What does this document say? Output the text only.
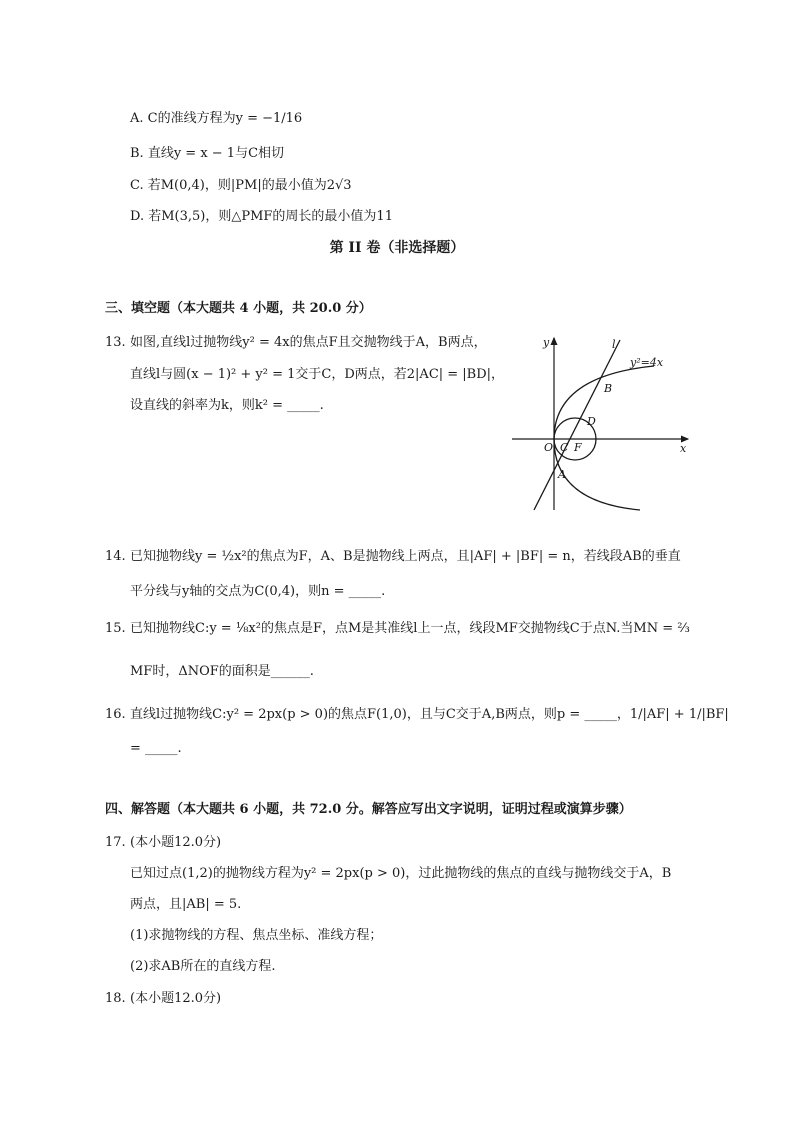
A. C的准线方程为y = −1/16
B. 直线y = x − 1与C相切
C. 若M(0,4)，则|PM|的最小值为2√3
D. 若M(3,5)，则△PMF的周长的最小值为11
第 II 卷（非选择题）
三、填空题（本大题共 4 小题，共 20.0 分）
13. 如图,直线l过抛物线y² = 4x的焦点F且交抛物线于A，B两点，
直线l与圆(x − 1)² + y² = 1交于C，D两点，若2|AC| = |BD|，
设直线的斜率为k，则k² = _____.
y
x
l
y²=4x
O C F
D
B
A
14. 已知抛物线y = ½x²的焦点为F，A、B是抛物线上两点，且|AF| + |BF| = n，若线段AB的垂直
平分线与y轴的交点为C(0,4)，则n = _____.
15. 已知抛物线C:y = ⅛x²的焦点是F，点M是其准线l上一点，线段MF交抛物线C于点N.当MN = ⅔
MF时，ΔNOF的面积是______.
16. 直线l过抛物线C:y² = 2px(p > 0)的焦点F(1,0)，且与C交于A,B两点，则p = _____，1/|AF| + 1/|BF|
= _____.
四、解答题（本大题共 6 小题，共 72.0 分。解答应写出文字说明，证明过程或演算步骤）
17. (本小题12.0分)
已知过点(1,2)的抛物线方程为y² = 2px(p > 0)，过此抛物线的焦点的直线与抛物线交于A，B
两点，且|AB| = 5.
(1)求抛物线的方程、焦点坐标、准线方程；
(2)求AB所在的直线方程.
18. (本小题12.0分)
